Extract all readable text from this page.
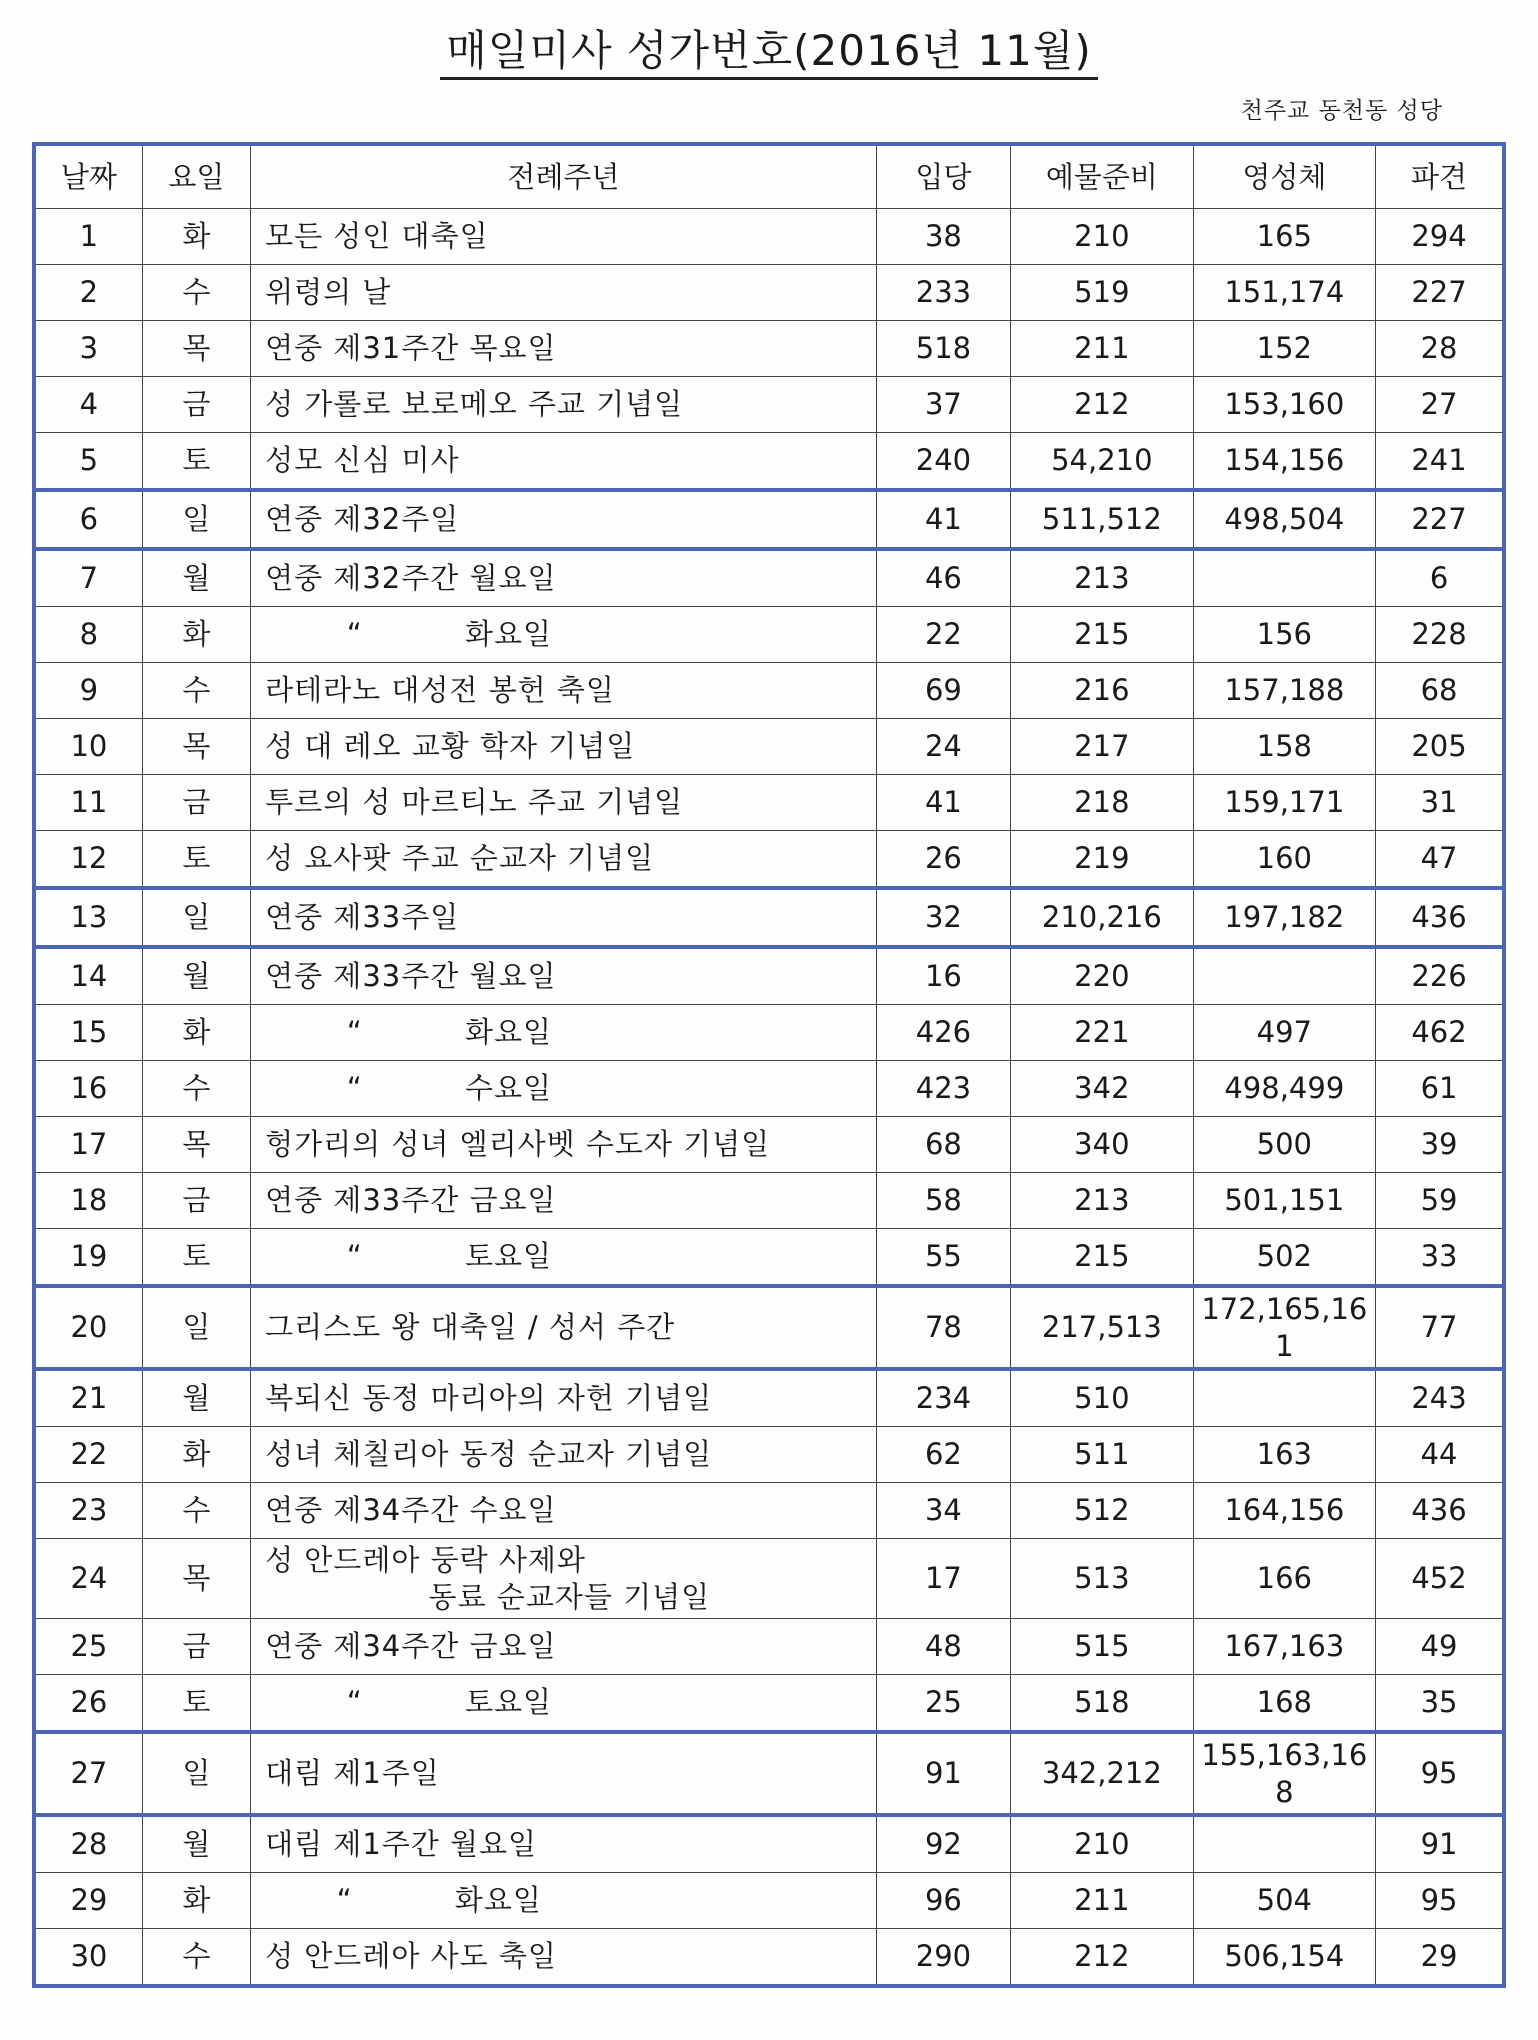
매일미사 성가번호(2016년 11월)
천주교 동천동 성당
날짜	요일	전례주년	입당	예물준비	영성체	파견
1	화	모든 성인 대축일	38	210	165	294
2	수	위령의 날	233	519	151,174	227
3	목	연중 제31주간 목요일	518	211	152	28
4	금	성 가롤로 보로메오 주교 기념일	37	212	153,160	27
5	토	성모 신심 미사	240	54,210	154,156	241
6	일	연중 제32주일	41	511,512	498,504	227
7	월	연중 제32주간 월요일	46	213		6
8	화	“          화요일	22	215	156	228
9	수	라테라노 대성전 봉헌 축일	69	216	157,188	68
10	목	성 대 레오 교황 학자 기념일	24	217	158	205
11	금	투르의 성 마르티노 주교 기념일	41	218	159,171	31
12	토	성 요사팟 주교 순교자 기념일	26	219	160	47
13	일	연중 제33주일	32	210,216	197,182	436
14	월	연중 제33주간 월요일	16	220		226
15	화	“          화요일	426	221	497	462
16	수	“          수요일	423	342	498,499	61
17	목	헝가리의 성녀 엘리사벳 수도자 기념일	68	340	500	39
18	금	연중 제33주간 금요일	58	213	501,151	59
19	토	“          토요일	55	215	502	33
20	일	그리스도 왕 대축일 / 성서 주간	78	217,513	172,165,161	77
21	월	복되신 동정 마리아의 자헌 기념일	234	510		243
22	화	성녀 체칠리아 동정 순교자 기념일	62	511	163	44
23	수	연중 제34주간 수요일	34	512	164,156	436
24	목	성 안드레아 둥락 사제와
동료 순교자들 기념일	17	513	166	452
25	금	연중 제34주간 금요일	48	515	167,163	49
26	토	“          토요일	25	518	168	35
27	일	대림 제1주일	91	342,212	155,163,168	95
28	월	대림 제1주간 월요일	92	210		91
29	화	“          화요일	96	211	504	95
30	수	성 안드레아 사도 축일	290	212	506,154	29
